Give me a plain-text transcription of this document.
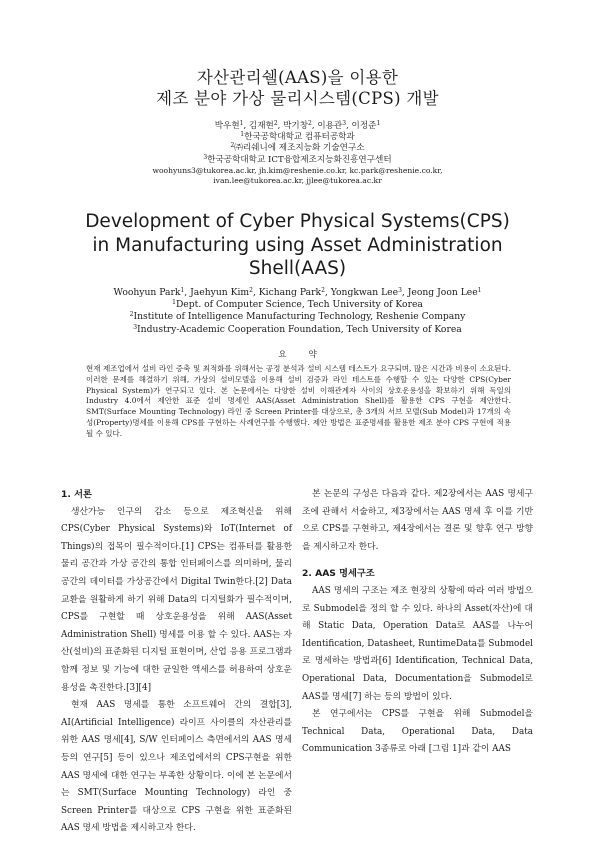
자산관리쉘(AAS)을 이용한
제조 분야 가상 물리시스템(CPS) 개발
박우현$^1$, 김재현$^2$, 박기창$^2$, 이용관$^3$, 이정준$^1$
$^1$한국공학대학교 컴퓨터공학과
$^2$㈜리쉐니에 제조지능화 기술연구소
$^3$한국공학대학교 ICT융합제조지능화진흥연구센터
woohyuns3@tukorea.ac.kr, jh.kim@reshenie.co.kr, kc.park@reshenie.co.kr,
ivan.lee@tukorea.ac.kr, jjlee@tukorea.ac.kr
Development of Cyber Physical Systems(CPS)
in Manufacturing using Asset Administration
Shell(AAS)
Woohyun Park$^1$, Jaehyun Kim$^2$, Kichang Park$^2$, Yongkwan Lee$^3$, Jeong Joon Lee$^1$
$^1$Dept. of Computer Science, Tech University of Korea
$^2$Institute of Intelligence Manufacturing Technology, Reshenie Company
$^3$Industry-Academic Cooperation Foundation, Tech University of Korea
요약

현재 제조업에서 설비 라인 증축 및 최적화를 위해서는 공정 분석과 설비 시스템 테스트가 요구되며, 많은 시간과 비용이 소요된다. 이러한 문제를 해결하기 위해, 가상의 설비모델을 이용해 설비 검증과 라인 테스트를 수행할 수 있는 다양한 CPS(Cyber Physical System)가 연구되고 있다. 본 논문에서는 다양한 설비 이해관계자 사이의 상호운용성을 확보하기 위해 독일의 Industry 4.0에서 제안한 표준 설비 명세인 AAS(Asset Administration Shell)를 활용한 CPS 구현을 제안한다. SMT(Surface Mounting Technology) 라인 중 Screen Printer를 대상으로, 총 3개의 서브 모델(Sub Model)과 17개의 속성(Property)명세를 이용해 CPS를 구현하는 사례연구를 수행했다. 제안 방법은 표준명세를 활용한 제조 분야 CPS 구현에 적용될 수 있다.

1. 서론

생산가능 인구의 감소 등으로 제조혁신을 위해 CPS(Cyber Physical Systems)와 IoT(Internet of Things)의 접목이 필수적이다.[1] CPS는 컴퓨터를 활용한 물리 공간과 가상 공간의 통합 인터페이스를 의미하며, 물리공간의 데이터를 가상공간에서 Digital Twin한다.[2] Data교환을 원활하게 하기 위해 Data의 디지털화가 필수적이며, CPS를 구현할 때 상호운용성을 위해 AAS(Asset Administration Shell) 명세를 이용 할 수 있다. AAS는 자산(설비)의 표준화된 디지털 표현이며, 산업 응용 프로그램과 함께 정보 및 기능에 대한 균일한 액세스를 허용하여 상호운용성을 촉진한다.[3][4]

현재 AAS 명세를 통한 소프트웨어 간의 결합[3], AI(Artificial Intelligence) 라이프 사이클의 자산관리를 위한 AAS 명세[4], S/W 인터페이스 측면에서의 AAS 명세 등의 연구[5] 등이 있으나 제조업에서의 CPS구현을 위한 AAS 명세에 대한 연구는 부족한 상황이다. 이에 본 논문에서는 SMT(Surface Mounting Technology) 라인 중 Screen Printer를 대상으로 CPS 구현을 위한 표준화된 AAS 명세 방법을 제시하고자 한다.

본 논문의 구성은 다음과 같다. 제2장에서는 AAS 명세구조에 관해서 서술하고, 제3장에서는 AAS 명세 후 이를 기반으로 CPS를 구현하고, 제4장에서는 결론 및 향후 연구 방향을 제시하고자 한다.

2. AAS 명세구조

AAS 명세의 구조는 제조 현장의 상황에 따라 여러 방법으로 Submodel을 정의 할 수 있다. 하나의 Asset(자산)에 대해 Static Data, Operation Data로 AAS를 나누어 Identification, Datasheet, RuntimeData를 Submodel로 명세하는 방법과[6] Identification, Technical Data, Operational Data, Documentation을 Submodel로 AAS를 명세[7] 하는 등의 방법이 있다.

본 연구에서는 CPS를 구현을 위해 Submodel을 Technical Data, Operational Data, Data Communication 3종류로 아래 [그림 1]과 같이 AAS
